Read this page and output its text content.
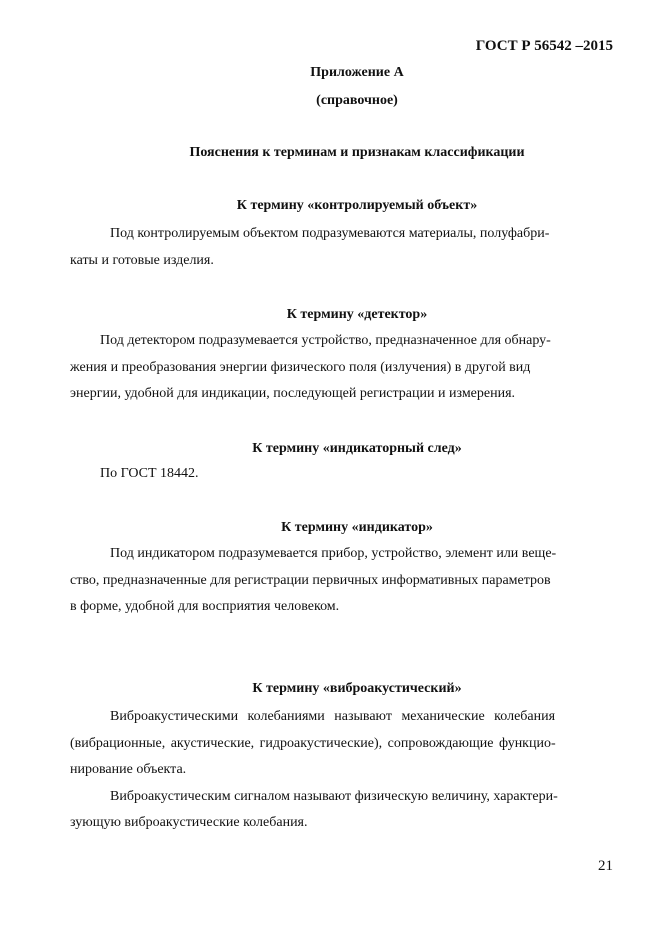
ГОСТ Р 56542 –2015
Приложение А
(справочное)
Пояснения к терминам и признакам классификации
К термину «контролируемый объект»
Под контролируемым объектом подразумеваются материалы, полуфабри-
каты и готовые изделия.
К термину «детектор»
Под детектором подразумевается устройство, предназначенное для обнару-
жения и преобразования энергии физического поля (излучения) в другой вид
энергии, удобной для индикации, последующей регистрации и измерения.
К термину «индикаторный след»
По ГОСТ 18442.
К термину «индикатор»
Под индикатором подразумевается прибор, устройство, элемент или веще-
ство, предназначенные для регистрации первичных информативных параметров
в форме, удобной для восприятия человеком.
К термину «виброакустический»
Виброакустическими колебаниями называют механические колебания
(вибрационные, акустические, гидроакустические), сопровождающие функцио-
нирование объекта.
Виброакустическим сигналом называют физическую величину, характери-
зующую виброакустические колебания.
21
